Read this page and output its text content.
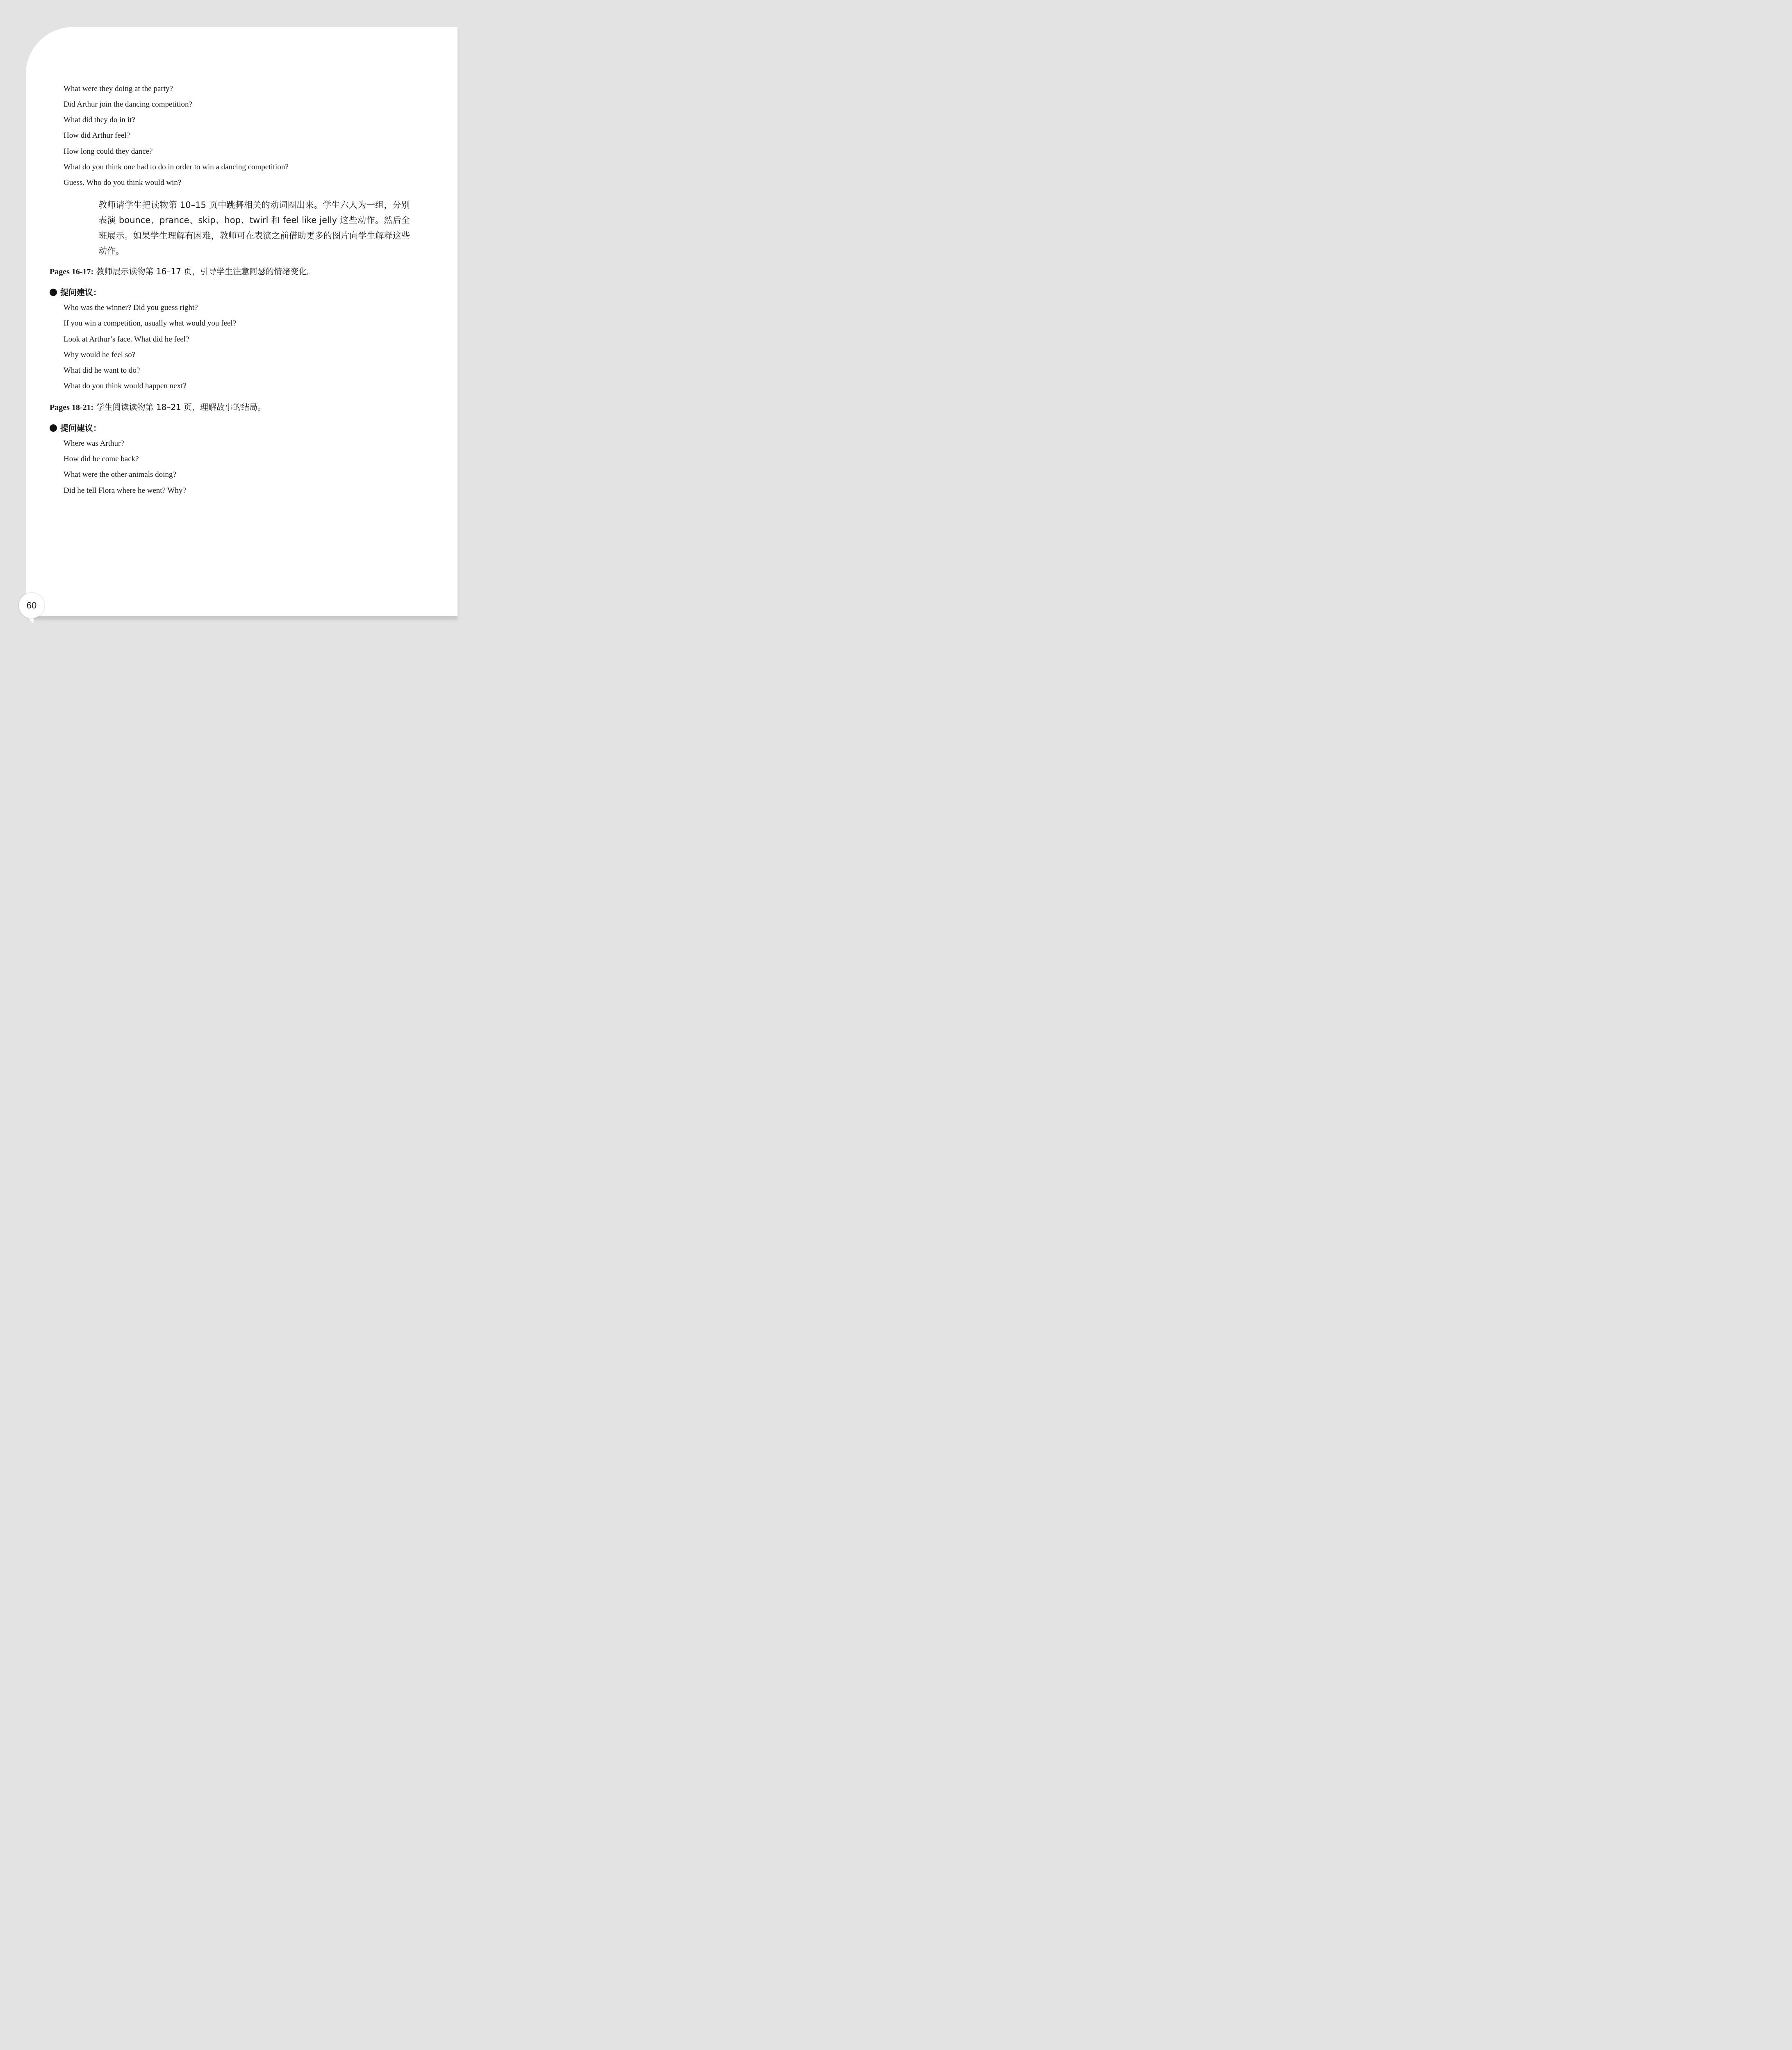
What were they doing at the party?
Did Arthur join the dancing competition?
What did they do in it?
How did Arthur feel?
How long could they dance?
What do you think one had to do in order to win a dancing competition?
Guess. Who do you think would win?
教师请学生把读物第 10–15 页中跳舞相关的动词圈出来。学生六人为一组，分别表演 bounce、prance、skip、hop、twirl 和 feel like jelly 这些动作。然后全班展示。如果学生理解有困难，教师可在表演之前借助更多的图片向学生解释这些动作。
Pages 16-17: 教师展示读物第 16–17 页，引导学生注意阿瑟的情绪变化。
提问建议：
Who was the winner? Did you guess right?
If you win a competition, usually what would you feel?
Look at Arthur’s face. What did he feel?
Why would he feel so?
What did he want to do?
What do you think would happen next?
Pages 18-21: 学生阅读读物第 18–21 页，理解故事的结局。
提问建议：
Where was Arthur?
How did he come back?
What were the other animals doing?
Did he tell Flora where he went? Why?
60
